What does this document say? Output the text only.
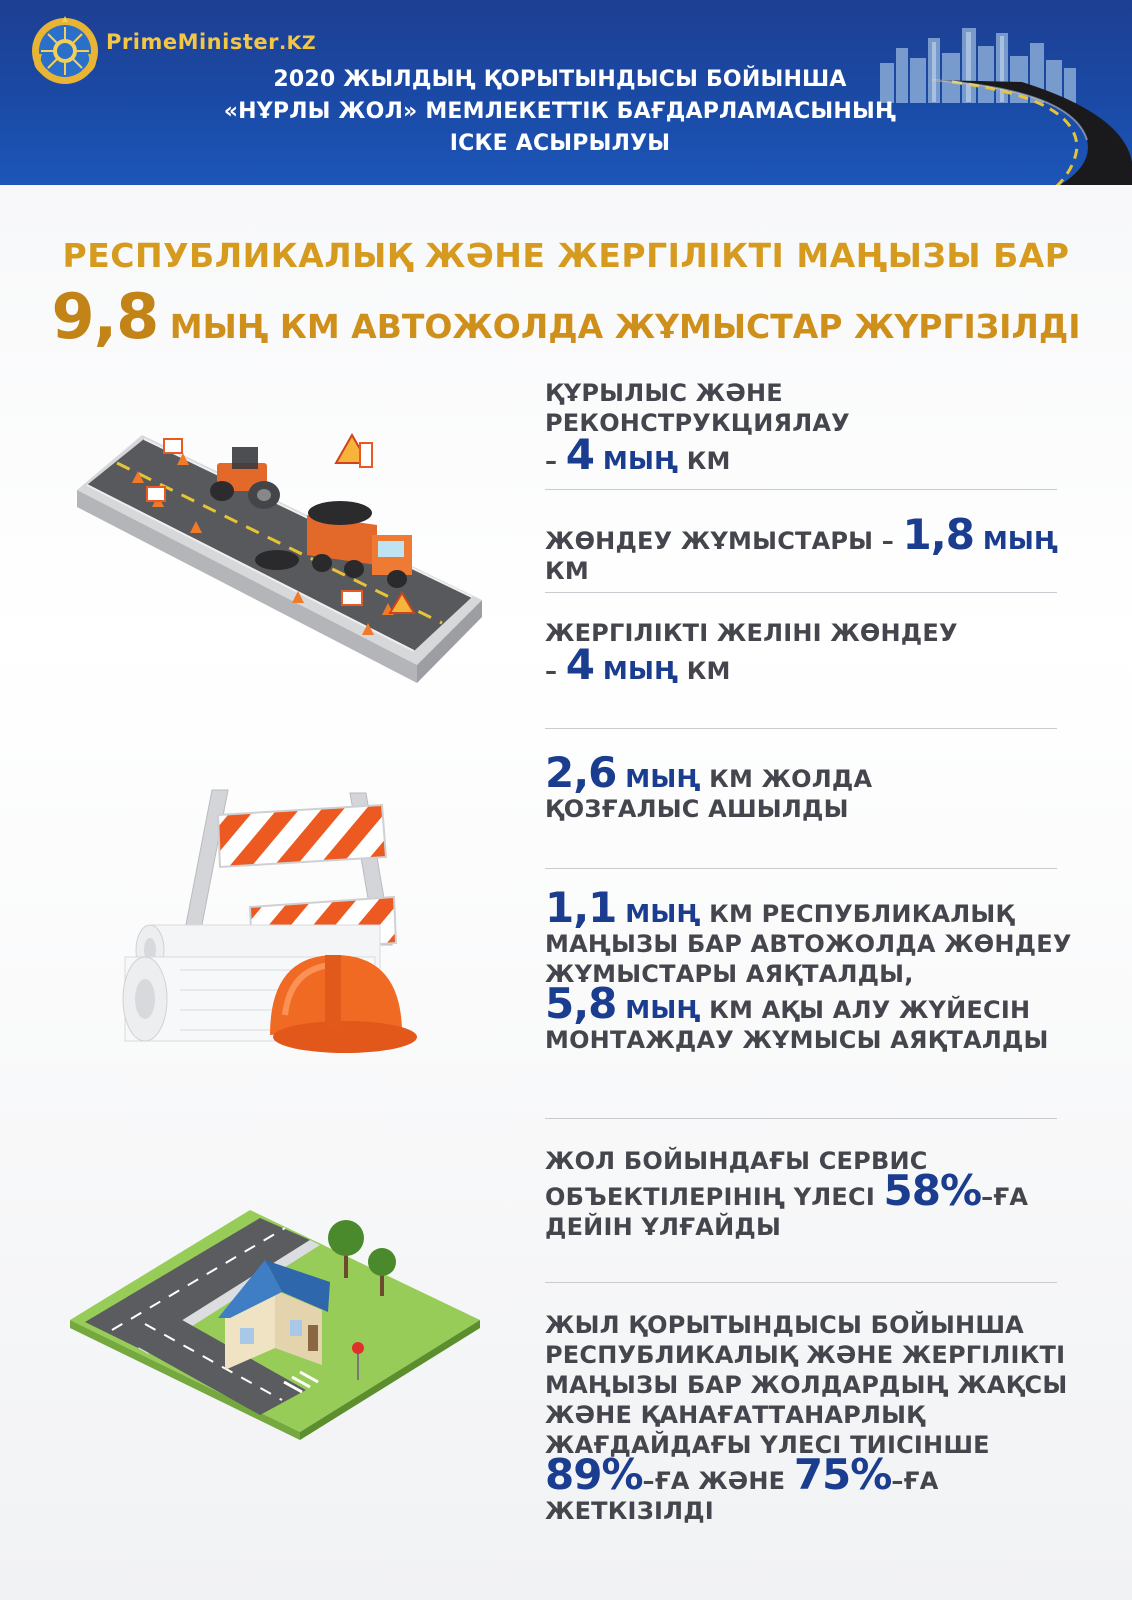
PrimeMinister.KZ
2020 ЖЫЛДЫҢ ҚОРЫТЫНДЫСЫ БОЙЫНША
«НҰРЛЫ ЖОЛ» МЕМЛЕКЕТТІК БАҒДАРЛАМАСЫНЫҢ
ІСКЕ АСЫРЫЛУЫ
РЕСПУБЛИКАЛЫҚ ЖӘНЕ ЖЕРГІЛІКТІ МАҢЫЗЫ БАР
9,8 МЫҢ КМ АВТОЖОЛДА ЖҰМЫСТАР ЖҮРГІЗІЛДІ
ҚҰРЫЛЫС ЖӘНЕ РЕКОНСТРУКЦИЯЛАУ
– 4 МЫҢ КМ
ЖӨНДЕУ ЖҰМЫСТАРЫ – 1,8 МЫҢ КМ
ЖЕРГІЛІКТІ ЖЕЛІНІ ЖӨНДЕУ
– 4 МЫҢ КМ
2,6 МЫҢ КМ ЖОЛДА
ҚОЗҒАЛЫС АШЫЛДЫ
1,1 МЫҢ КМ РЕСПУБЛИКАЛЫҚ
МАҢЫЗЫ БАР АВТОЖОЛДА ЖӨНДЕУ
ЖҰМЫСТАРЫ АЯҚТАЛДЫ,
5,8 МЫҢ КМ АҚЫ АЛУ ЖҮЙЕСІН
МОНТАЖДАУ ЖҰМЫСЫ АЯҚТАЛДЫ
ЖОЛ БОЙЫНДАҒЫ СЕРВИС
ОБЪЕКТІЛЕРІНІҢ ҮЛЕСІ 58%–ҒА
ДЕЙІН ҰЛҒАЙДЫ
ЖЫЛ ҚОРЫТЫНДЫСЫ БОЙЫНША
РЕСПУБЛИКАЛЫҚ ЖӘНЕ ЖЕРГІЛІКТІ
МАҢЫЗЫ БАР ЖОЛДАРДЫҢ ЖАҚСЫ
ЖӘНЕ ҚАНАҒАТТАНАРЛЫҚ
ЖАҒДАЙДАҒЫ ҮЛЕСІ ТИІСІНШЕ
89%–ҒА ЖӘНЕ 75%–ҒА
ЖЕТКІЗІЛДІ
